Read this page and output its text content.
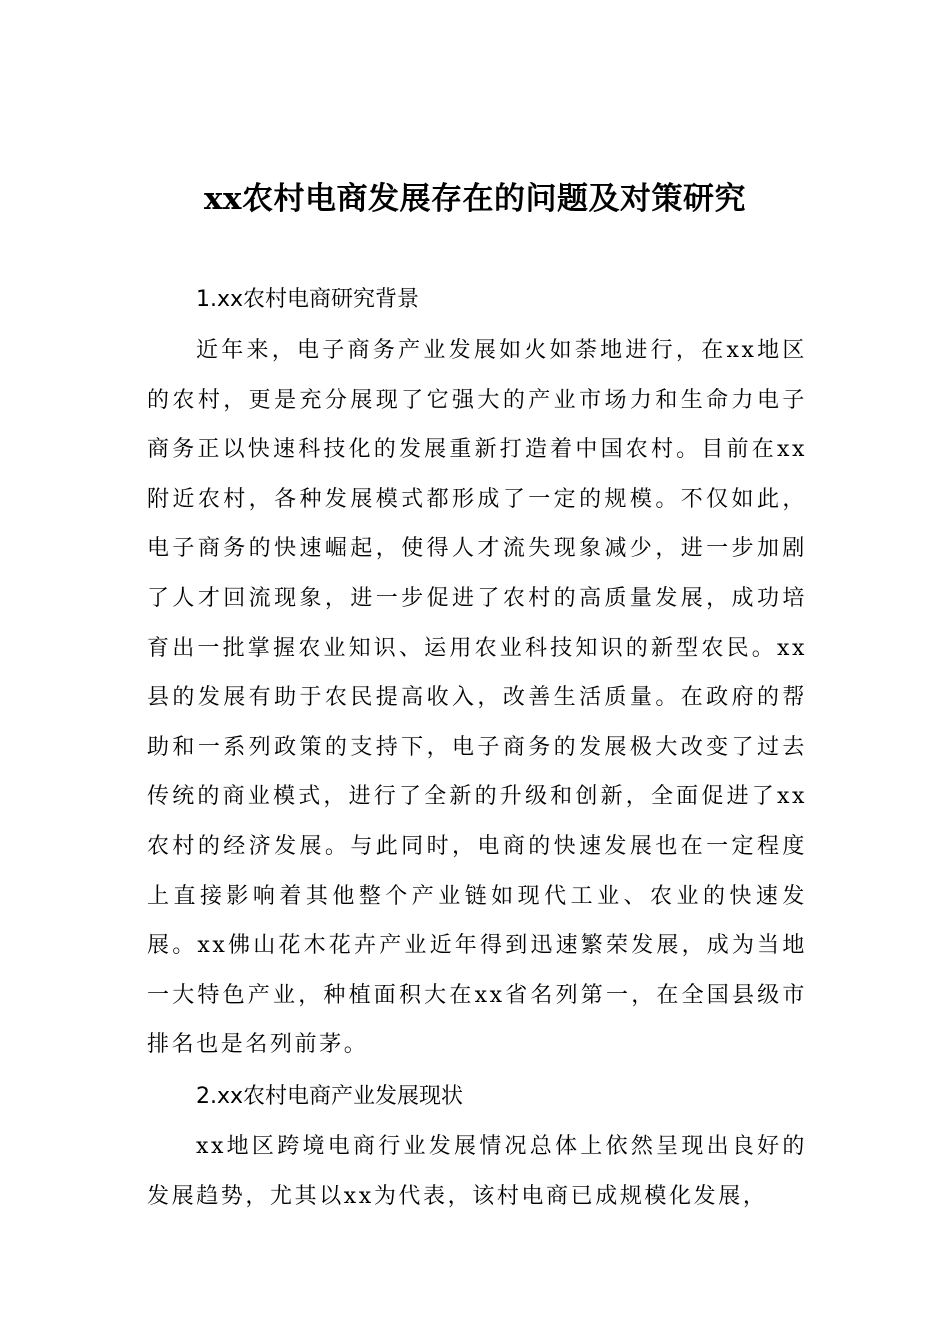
xx农村电商发展存在的问题及对策研究
1.xx农村电商研究背景

近年来，电子商务产业发展如火如荼地进行，在xx地区的农村，更是充分展现了它强大的产业市场力和生命力电子商务正以快速科技化的发展重新打造着中国农村。目前在xx附近农村，各种发展模式都形成了一定的规模。不仅如此，电子商务的快速崛起，使得人才流失现象减少，进一步加剧了人才回流现象，进一步促进了农村的高质量发展，成功培育出一批掌握农业知识、运用农业科技知识的新型农民。xx县的发展有助于农民提高收入，改善生活质量。在政府的帮助和一系列政策的支持下，电子商务的发展极大改变了过去传统的商业模式，进行了全新的升级和创新，全面促进了xx农村的经济发展。与此同时，电商的快速发展也在一定程度上直接影响着其他整个产业链如现代工业、农业的快速发展。xx佛山花木花卉产业近年得到迅速繁荣发展，成为当地一大特色产业，种植面积大在xx省名列第一，在全国县级市排名也是名列前茅。

2.xx农村电商产业发展现状

xx地区跨境电商行业发展情况总体上依然呈现出良好的发展趋势，尤其以xx为代表，该村电商已成规模化发展，
